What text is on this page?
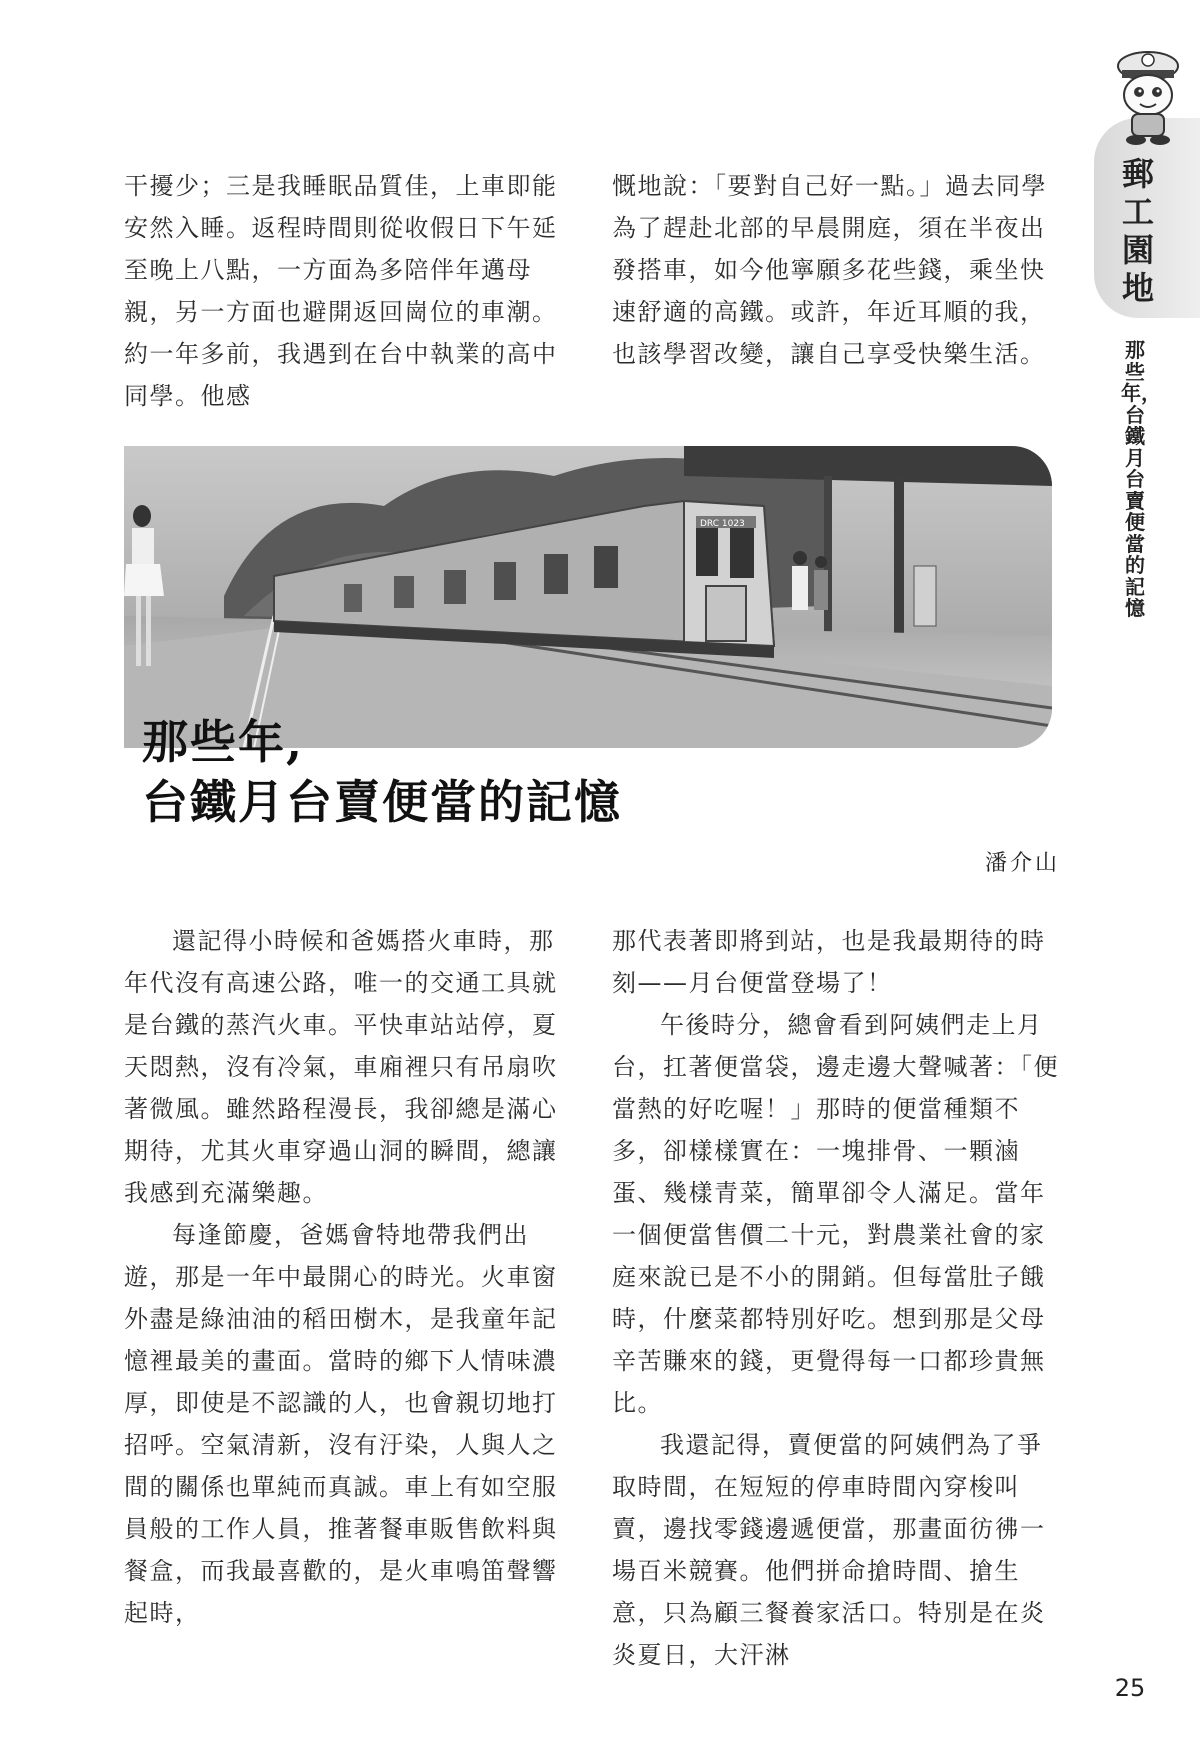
郵工園地
那些年，台鐵月台賣便當的記憶

干擾少；三是我睡眠品質佳，上車即能安然入睡。返程時間則從收假日下午延至晚上八點，一方面為多陪伴年邁母親，另一方面也避開返回崗位的車潮。約一年多前，我遇到在台中執業的高中同學。他感

慨地說：「要對自己好一點。」過去同學為了趕赴北部的早晨開庭，須在半夜出發搭車，如今他寧願多花些錢，乘坐快速舒適的高鐵。或許，年近耳順的我，也該學習改變，讓自己享受快樂生活。

DRC 1023
那些年,
台鐵月台賣便當的記憶
潘介山

還記得小時候和爸媽搭火車時，那年代沒有高速公路，唯一的交通工具就是台鐵的蒸汽火車。平快車站站停，夏天悶熱，沒有冷氣，車廂裡只有吊扇吹著微風。雖然路程漫長，我卻總是滿心期待，尤其火車穿過山洞的瞬間，總讓我感到充滿樂趣。

每逢節慶，爸媽會特地帶我們出遊，那是一年中最開心的時光。火車窗外盡是綠油油的稻田樹木，是我童年記憶裡最美的畫面。當時的鄉下人情味濃厚，即使是不認識的人，也會親切地打招呼。空氣清新，沒有汙染，人與人之間的關係也單純而真誠。車上有如空服員般的工作人員，推著餐車販售飲料與餐盒，而我最喜歡的，是火車鳴笛聲響起時，

那代表著即將到站，也是我最期待的時刻——月台便當登場了！

午後時分，總會看到阿姨們走上月台，扛著便當袋，邊走邊大聲喊著：「便當熱的好吃喔！」那時的便當種類不多，卻樣樣實在：一塊排骨、一顆滷蛋、幾樣青菜，簡單卻令人滿足。當年一個便當售價二十元，對農業社會的家庭來說已是不小的開銷。但每當肚子餓時，什麼菜都特別好吃。想到那是父母辛苦賺來的錢，更覺得每一口都珍貴無比。

我還記得，賣便當的阿姨們為了爭取時間，在短短的停車時間內穿梭叫賣，邊找零錢邊遞便當，那畫面彷彿一場百米競賽。他們拼命搶時間、搶生意，只為顧三餐養家活口。特別是在炎炎夏日，大汗淋

25
